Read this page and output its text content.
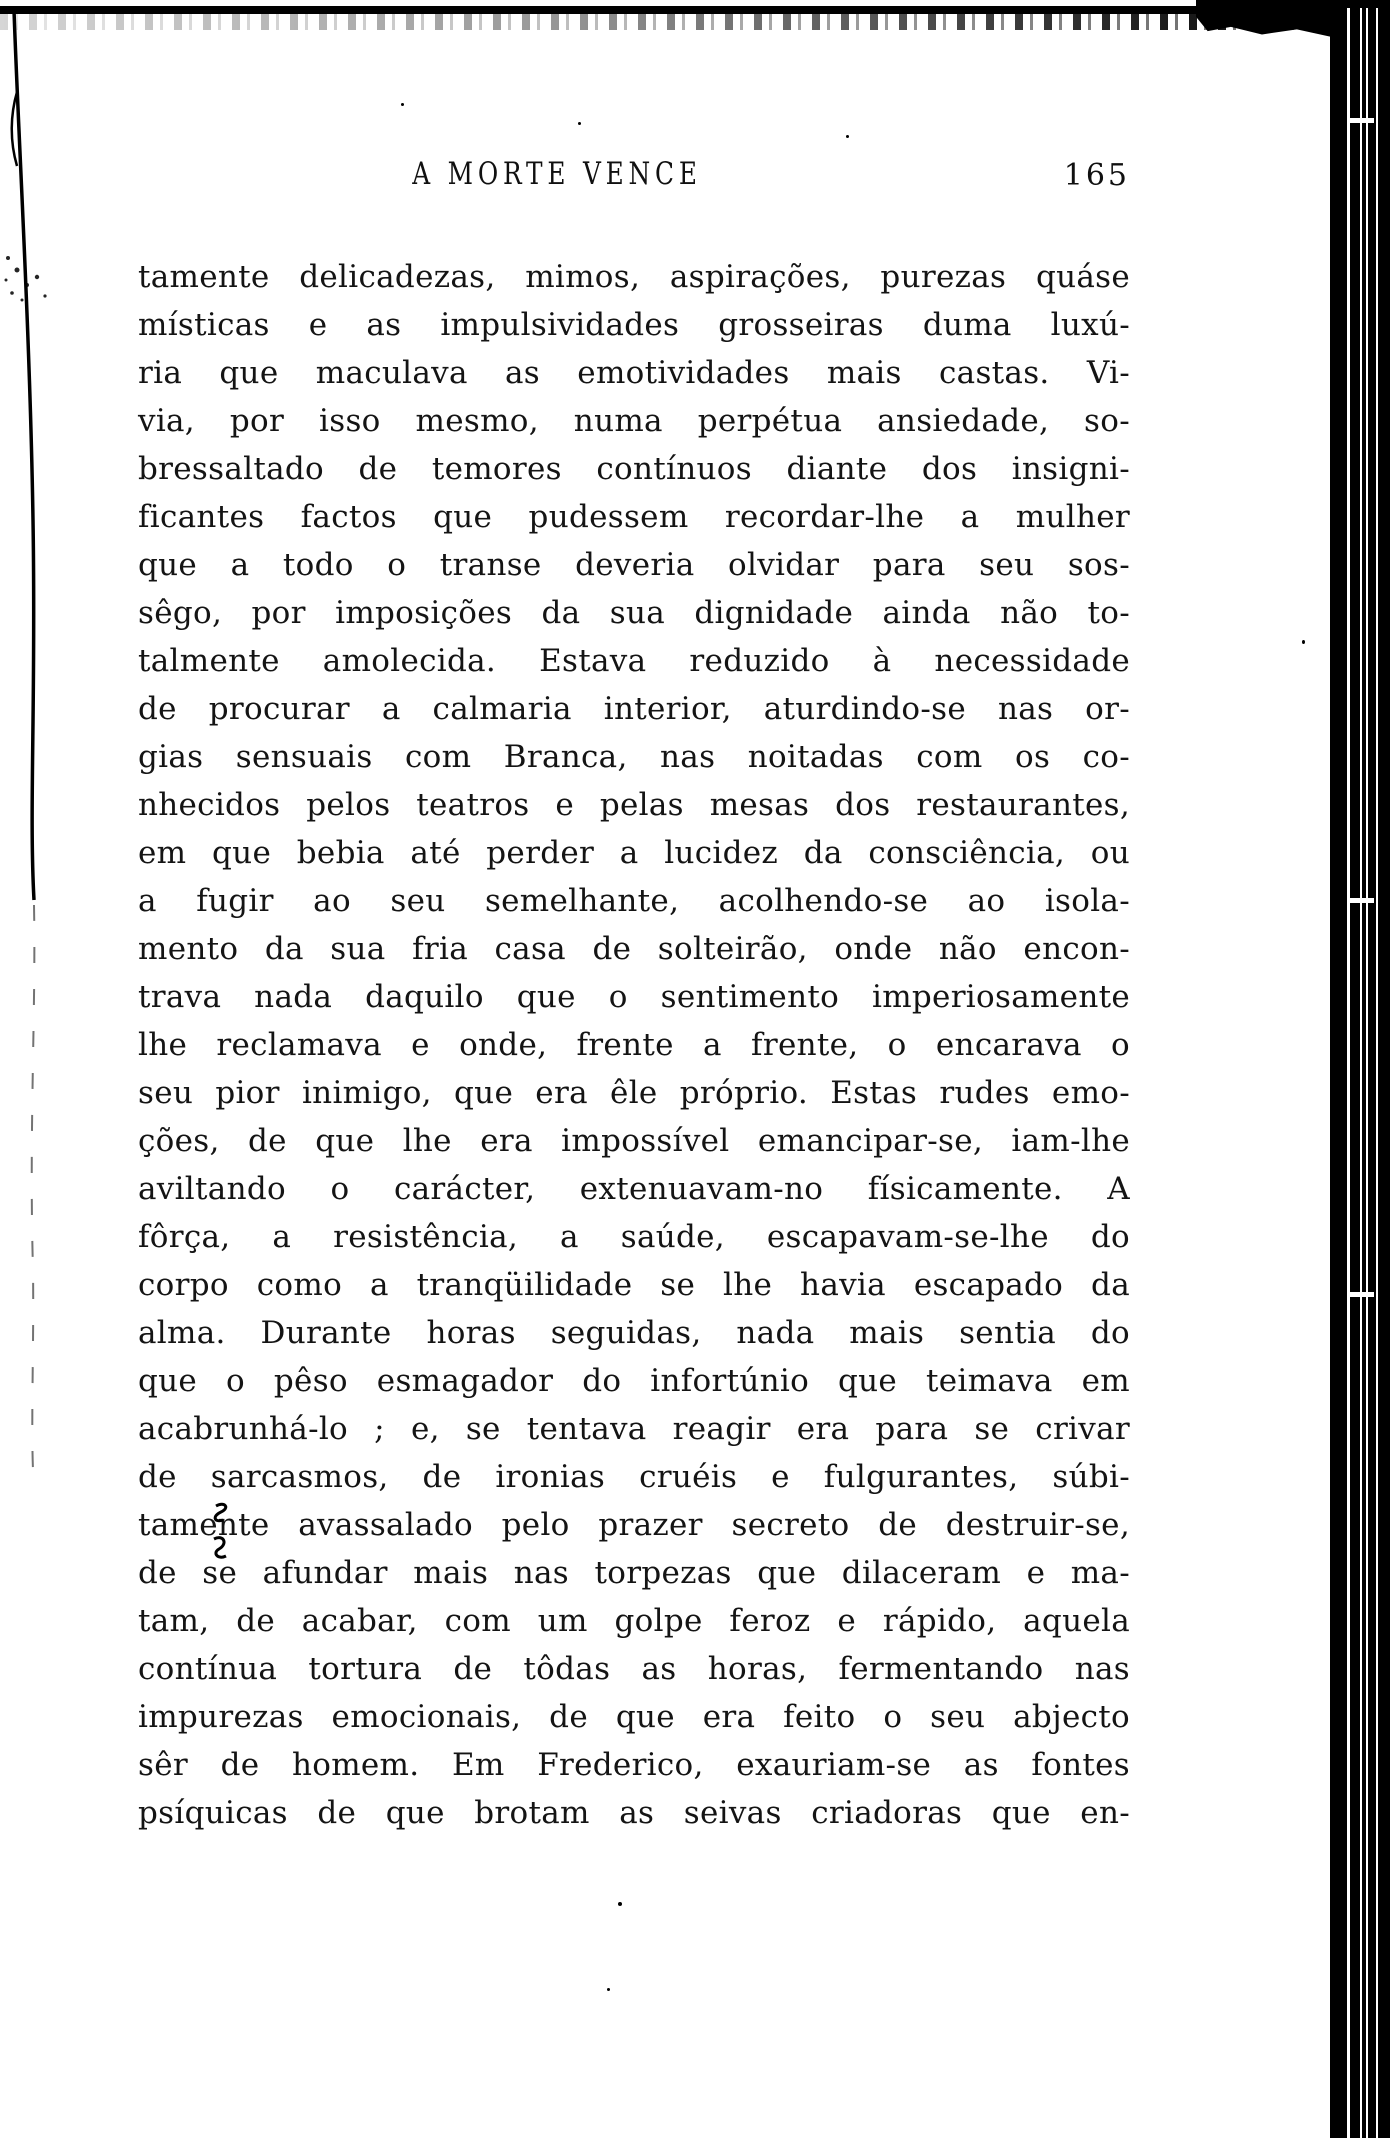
A MORTE VENCE	165
tamente delicadezas, mimos, aspirações, purezas quáse
místicas e as impulsividades grosseiras duma luxú-
ria que maculava as emotividades mais castas. Vi-
via, por isso mesmo, numa perpétua ansiedade, so-
bressaltado de temores contínuos diante dos insigni-
ficantes factos que pudessem recordar-lhe a mulher
que a todo o transe deveria olvidar para seu sos-
sêgo, por imposições da sua dignidade ainda não to-
talmente amolecida. Estava reduzido à necessidade
de procurar a calmaria interior, aturdindo-se nas or-
gias sensuais com Branca, nas noitadas com os co-
nhecidos pelos teatros e pelas mesas dos restaurantes,
em que bebia até perder a lucidez da consciência, ou
a fugir ao seu semelhante, acolhendo-se ao isola-
mento da sua fria casa de solteirão, onde não encon-
trava nada daquilo que o sentimento imperiosamente
lhe reclamava e onde, frente a frente, o encarava o
seu pior inimigo, que era êle próprio. Estas rudes emo-
ções, de que lhe era impossível emancipar-se, iam-lhe
aviltando o carácter, extenuavam-no físicamente. A
fôrça, a resistência, a saúde, escapavam-se-lhe do
corpo como a tranqüilidade se lhe havia escapado da
alma. Durante horas seguidas, nada mais sentia do
que o pêso esmagador do infortúnio que teimava em
acabrunhá-lo ; e, se tentava reagir era para se crivar
de sarcasmos, de ironias cruéis e fulgurantes, súbi-
tamente avassalado pelo prazer secreto de destruir-se,
de se afundar mais nas torpezas que dilaceram e ma-
tam, de acabar, com um golpe feroz e rápido, aquela
contínua tortura de tôdas as horas, fermentando nas
impurezas emocionais, de que era feito o seu abjecto
sêr de homem. Em Frederico, exauriam-se as fontes
psíquicas de que brotam as seivas criadoras que en-
